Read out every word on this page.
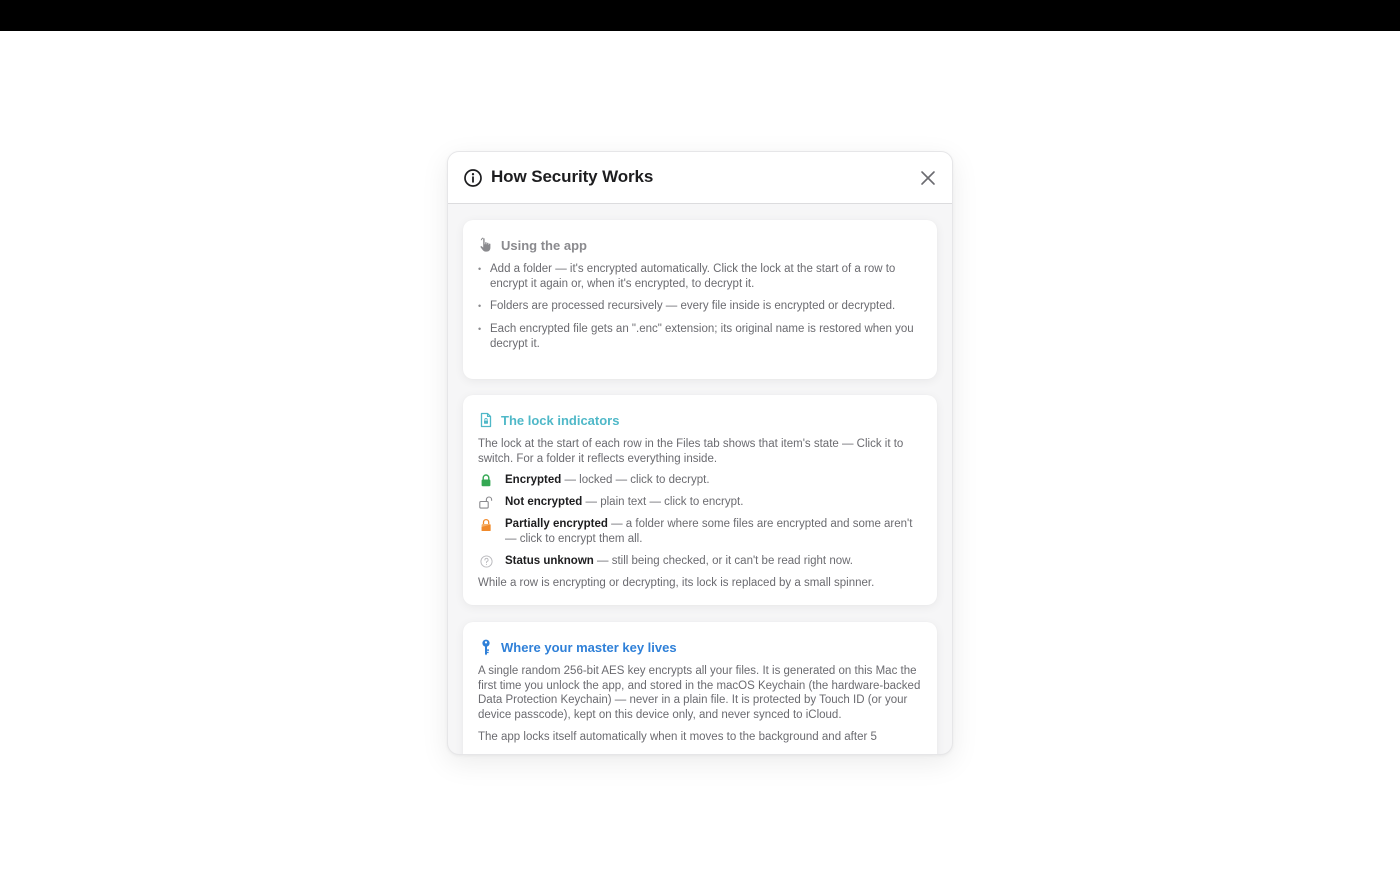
How Security Works
Using the app
• Add a folder — it's encrypted automatically. Click the lock at the start of a row to encrypt it again or, when it's encrypted, to decrypt it.
• Folders are processed recursively — every file inside is encrypted or decrypted.
• Each encrypted file gets an ".enc" extension; its original name is restored when you decrypt it.
The lock indicators

The lock at the start of each row in the Files tab shows that item's state — Click it to switch. For a folder it reflects everything inside.

Encrypted — locked — click to decrypt.
Not encrypted — plain text — click to encrypt.
Partially encrypted — a folder where some files are encrypted and some aren't — click to encrypt them all.
Status unknown — still being checked, or it can't be read right now.

While a row is encrypting or decrypting, its lock is replaced by a small spinner.

Where your master key lives

A single random 256-bit AES key encrypts all your files. It is generated on this Mac the first time you unlock the app, and stored in the macOS Keychain (the hardware-backed Data Protection Keychain) — never in a plain file. It is protected by Touch ID (or your device passcode), kept on this device only, and never synced to iCloud.

The app locks itself automatically when it moves to the background and after 5
